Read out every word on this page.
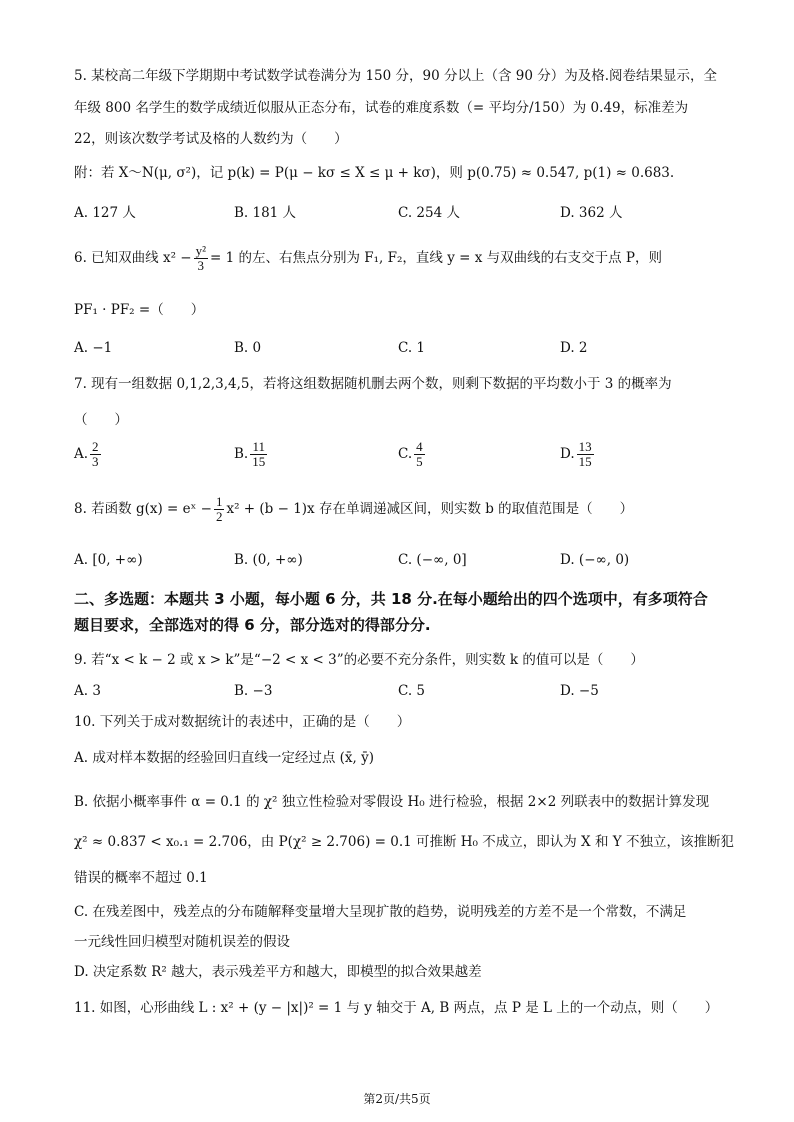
5. 某校高二年级下学期期中考试数学试卷满分为 150 分，90 分以上（含 90 分）为及格.阅卷结果显示，全
年级 800 名学生的数学成绩近似服从正态分布，试卷的难度系数（= 平均分/150）为 0.49，标准差为
22，则该次数学考试及格的人数约为（　　）
附：若 X～N(μ, σ²)，记 p(k) = P(μ − kσ ≤ X ≤ μ + kσ)，则 p(0.75) ≈ 0.547, p(1) ≈ 0.683.
A. 127 人	B. 181 人	C. 254 人	D. 362 人
6. 已知双曲线 $x^2 - \frac{\text{y²}}{3} = 1$ 的左、右焦点分别为 F₁, F₂，直线 y = x 与双曲线的右支交于点 P，则
PF₁ · PF₂ =（　　）
A. −1	B. 0	C. 1	D. 2
7. 现有一组数据 0,1,2,3,4,5，若将这组数据随机删去两个数，则剩下数据的平均数小于 3 的概率为
（　　）
A. $\frac{2}{3}$	B. $\frac{11}{15}$	C. $\frac{4}{5}$	D. $\frac{13}{15}$
8. 若函数 g(x) = eˣ − $\frac{1}{2} x^2 + (b - 1)x$ 存在单调递减区间，则实数 b 的取值范围是（　　）
A. [0, +∞)	B. (0, +∞)	C. (−∞, 0]	D. (−∞, 0)
二、多选题：本题共 3 小题，每小题 6 分，共 18 分.在每小题给出的四个选项中，有多项符合
题目要求，全部选对的得 6 分，部分选对的得部分分.
9. 若“x < k − 2 或 x > k”是“−2 < x < 3”的必要不充分条件，则实数 k 的值可以是（　　）
A. 3	B. −3	C. 5	D. −5
10. 下列关于成对数据统计的表述中，正确的是（　　）
A. 成对样本数据的经验回归直线一定经过点 (x̄, ȳ)
B. 依据小概率事件 α = 0.1 的 χ² 独立性检验对零假设 H₀ 进行检验，根据 2×2 列联表中的数据计算发现
χ² ≈ 0.837 < x₀.₁ = 2.706，由 P(χ² ≥ 2.706) = 0.1 可推断 H₀ 不成立，即认为 X 和 Y 不独立，该推断犯
错误的概率不超过 0.1
C. 在残差图中，残差点的分布随解释变量增大呈现扩散的趋势，说明残差的方差不是一个常数，不满足
一元线性回归模型对随机误差的假设
D. 决定系数 R² 越大，表示残差平方和越大，即模型的拟合效果越差
11. 如图，心形曲线 L : x² + (y − |x|)² = 1 与 y 轴交于 A, B 两点，点 P 是 L 上的一个动点，则（　　）
第2页/共5页
